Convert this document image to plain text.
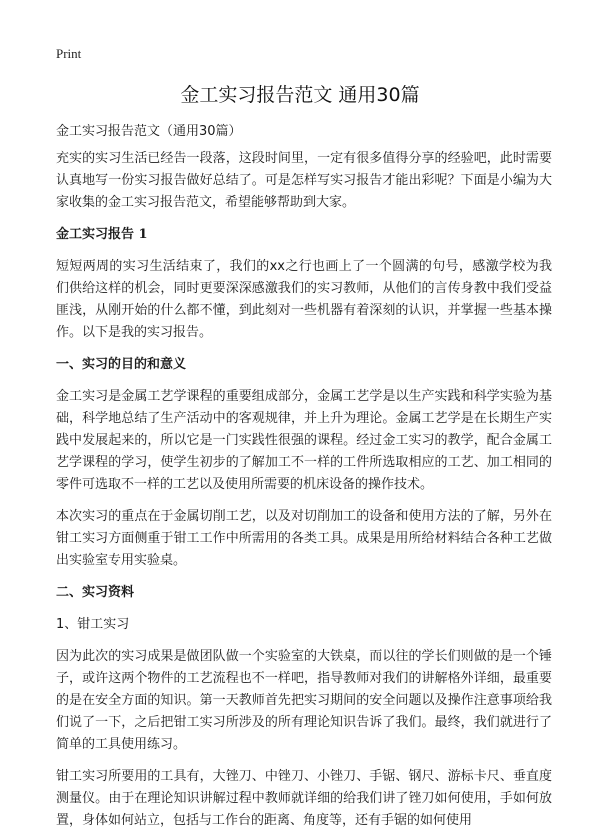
Print
金工实习报告范文 通用30篇

金工实习报告范文（通用30篇）

充实的实习生活已经告一段落，这段时间里，一定有很多值得分享的经验吧，此时需要认真地写一份实习报告做好总结了。可是怎样写实习报告才能出彩呢？下面是小编为大家收集的金工实习报告范文，希望能够帮助到大家。

金工实习报告 1

短短两周的实习生活结束了，我们的xx之行也画上了一个圆满的句号，感激学校为我们供给这样的机会，同时更要深深感激我们的实习教师，从他们的言传身教中我们受益匪浅，从刚开始的什么都不懂，到此刻对一些机器有着深刻的认识，并掌握一些基本操作。以下是我的实习报告。

一、实习的目的和意义

金工实习是金属工艺学课程的重要组成部分，金属工艺学是以生产实践和科学实验为基础，科学地总结了生产活动中的客观规律，并上升为理论。金属工艺学是在长期生产实践中发展起来的，所以它是一门实践性很强的课程。经过金工实习的教学，配合金属工艺学课程的学习，使学生初步的了解加工不一样的工件所选取相应的工艺、加工相同的零件可选取不一样的工艺以及使用所需要的机床设备的操作技术。

本次实习的重点在于金属切削工艺，以及对切削加工的设备和使用方法的了解，另外在钳工实习方面侧重于钳工工作中所需用的各类工具。成果是用所给材料结合各种工艺做出实验室专用实验桌。

二、实习资料

1、钳工实习

因为此次的实习成果是做团队做一个实验室的大铁桌，而以往的学长们则做的是一个锤子，或许这两个物件的工艺流程也不一样吧，指导教师对我们的讲解格外详细，最重要的是在安全方面的知识。第一天教师首先把实习期间的安全问题以及操作注意事项给我们说了一下，之后把钳工实习所涉及的所有理论知识告诉了我们。最终，我们就进行了简单的工具使用练习。

钳工实习所要用的工具有，大锉刀、中锉刀、小锉刀、手锯、钢尺、游标卡尺、垂直度测量仪。由于在理论知识讲解过程中教师就详细的给我们讲了锉刀如何使用，手如何放置，身体如何站立，包括与工作台的距离、角度等，还有手锯的如何使用
